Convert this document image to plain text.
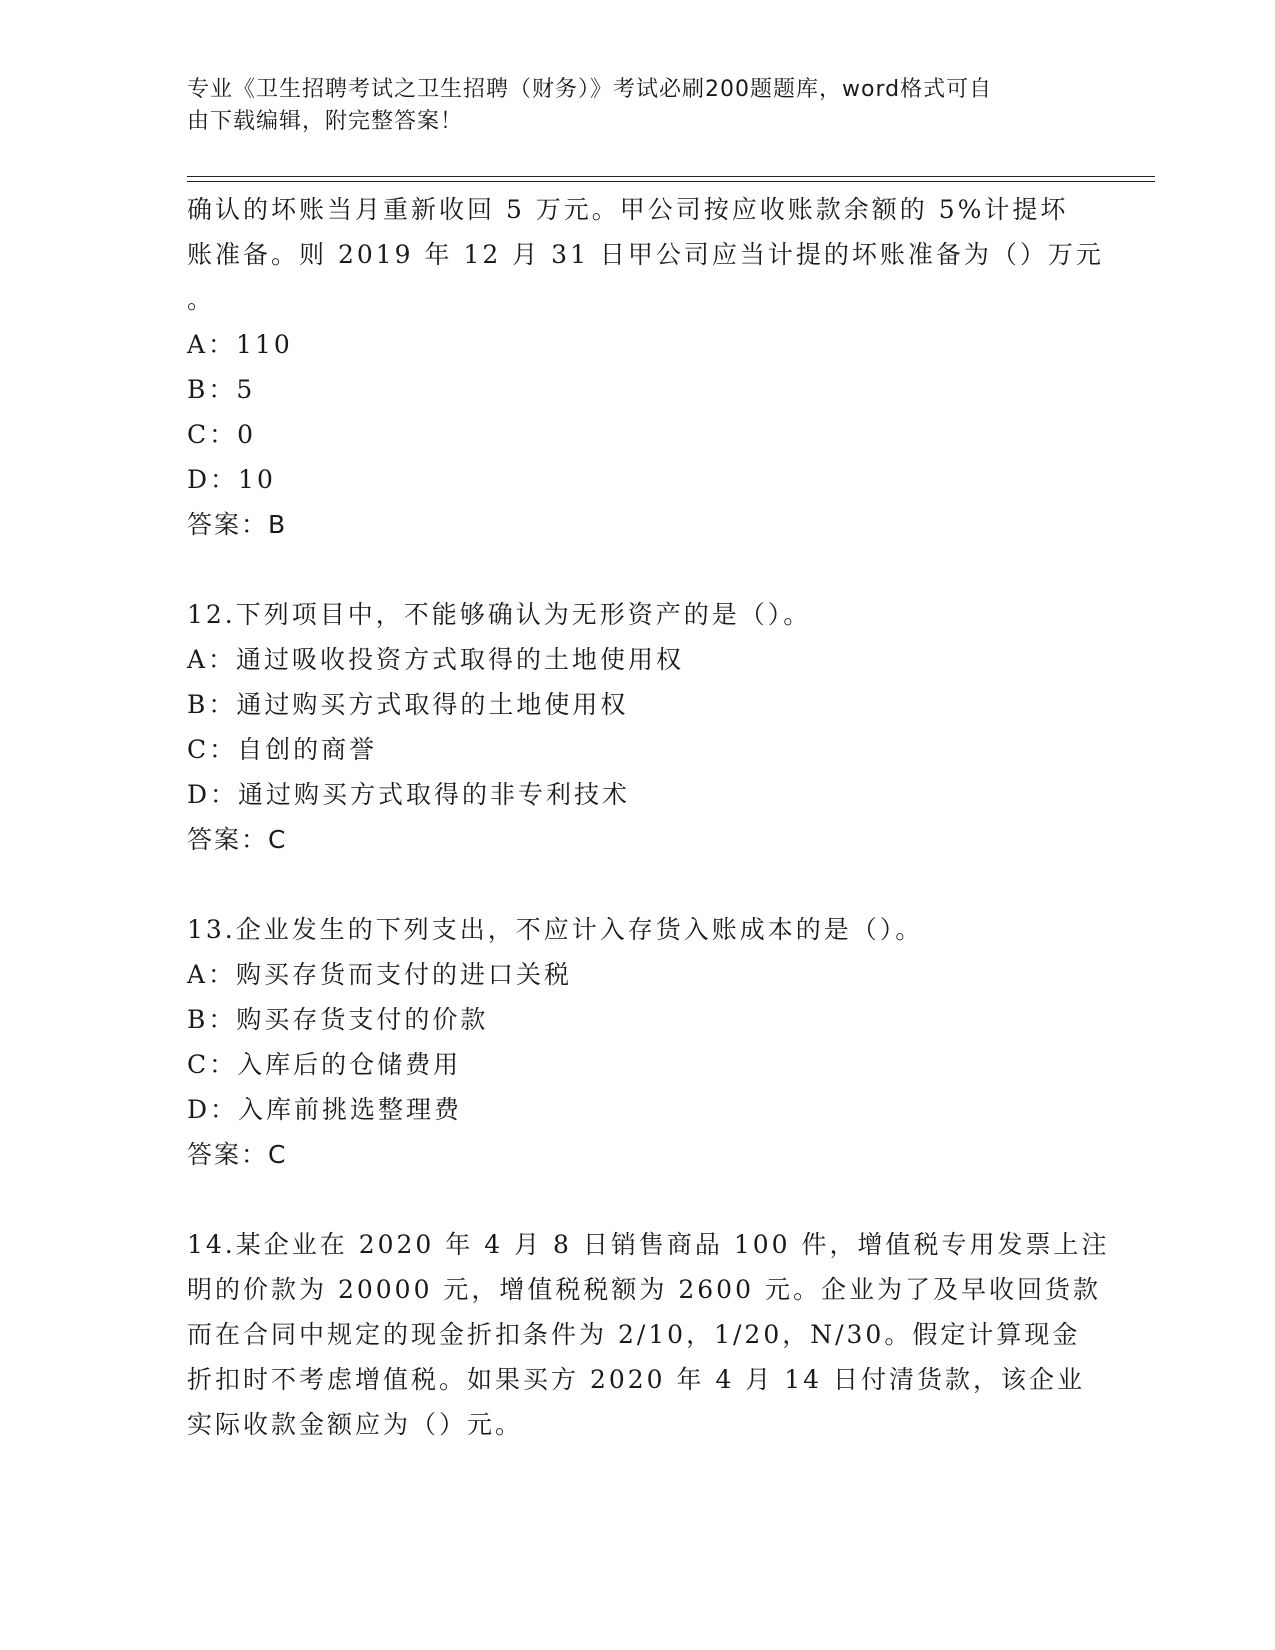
专业《卫生招聘考试之卫生招聘（财务）》考试必刷200题题库，word格式可自
由下载编辑，附完整答案！
确认的坏账当月重新收回 5 万元。甲公司按应收账款余额的 5%计提坏
账准备。则 2019 年 12 月 31 日甲公司应当计提的坏账准备为（）万元
。
A：110
B：5
C：0
D：10
答案：B
12.下列项目中，不能够确认为无形资产的是（）。
A：通过吸收投资方式取得的土地使用权
B：通过购买方式取得的土地使用权
C：自创的商誉
D：通过购买方式取得的非专利技术
答案：C
13.企业发生的下列支出，不应计入存货入账成本的是（）。
A：购买存货而支付的进口关税
B：购买存货支付的价款
C：入库后的仓储费用
D：入库前挑选整理费
答案：C
14.某企业在 2020 年 4 月 8 日销售商品 100 件，增值税专用发票上注
明的价款为 20000 元，增值税税额为 2600 元。企业为了及早收回货款
而在合同中规定的现金折扣条件为 2/10，1/20，N/30。假定计算现金
折扣时不考虑增值税。如果买方 2020 年 4 月 14 日付清货款，该企业
实际收款金额应为（）元。
